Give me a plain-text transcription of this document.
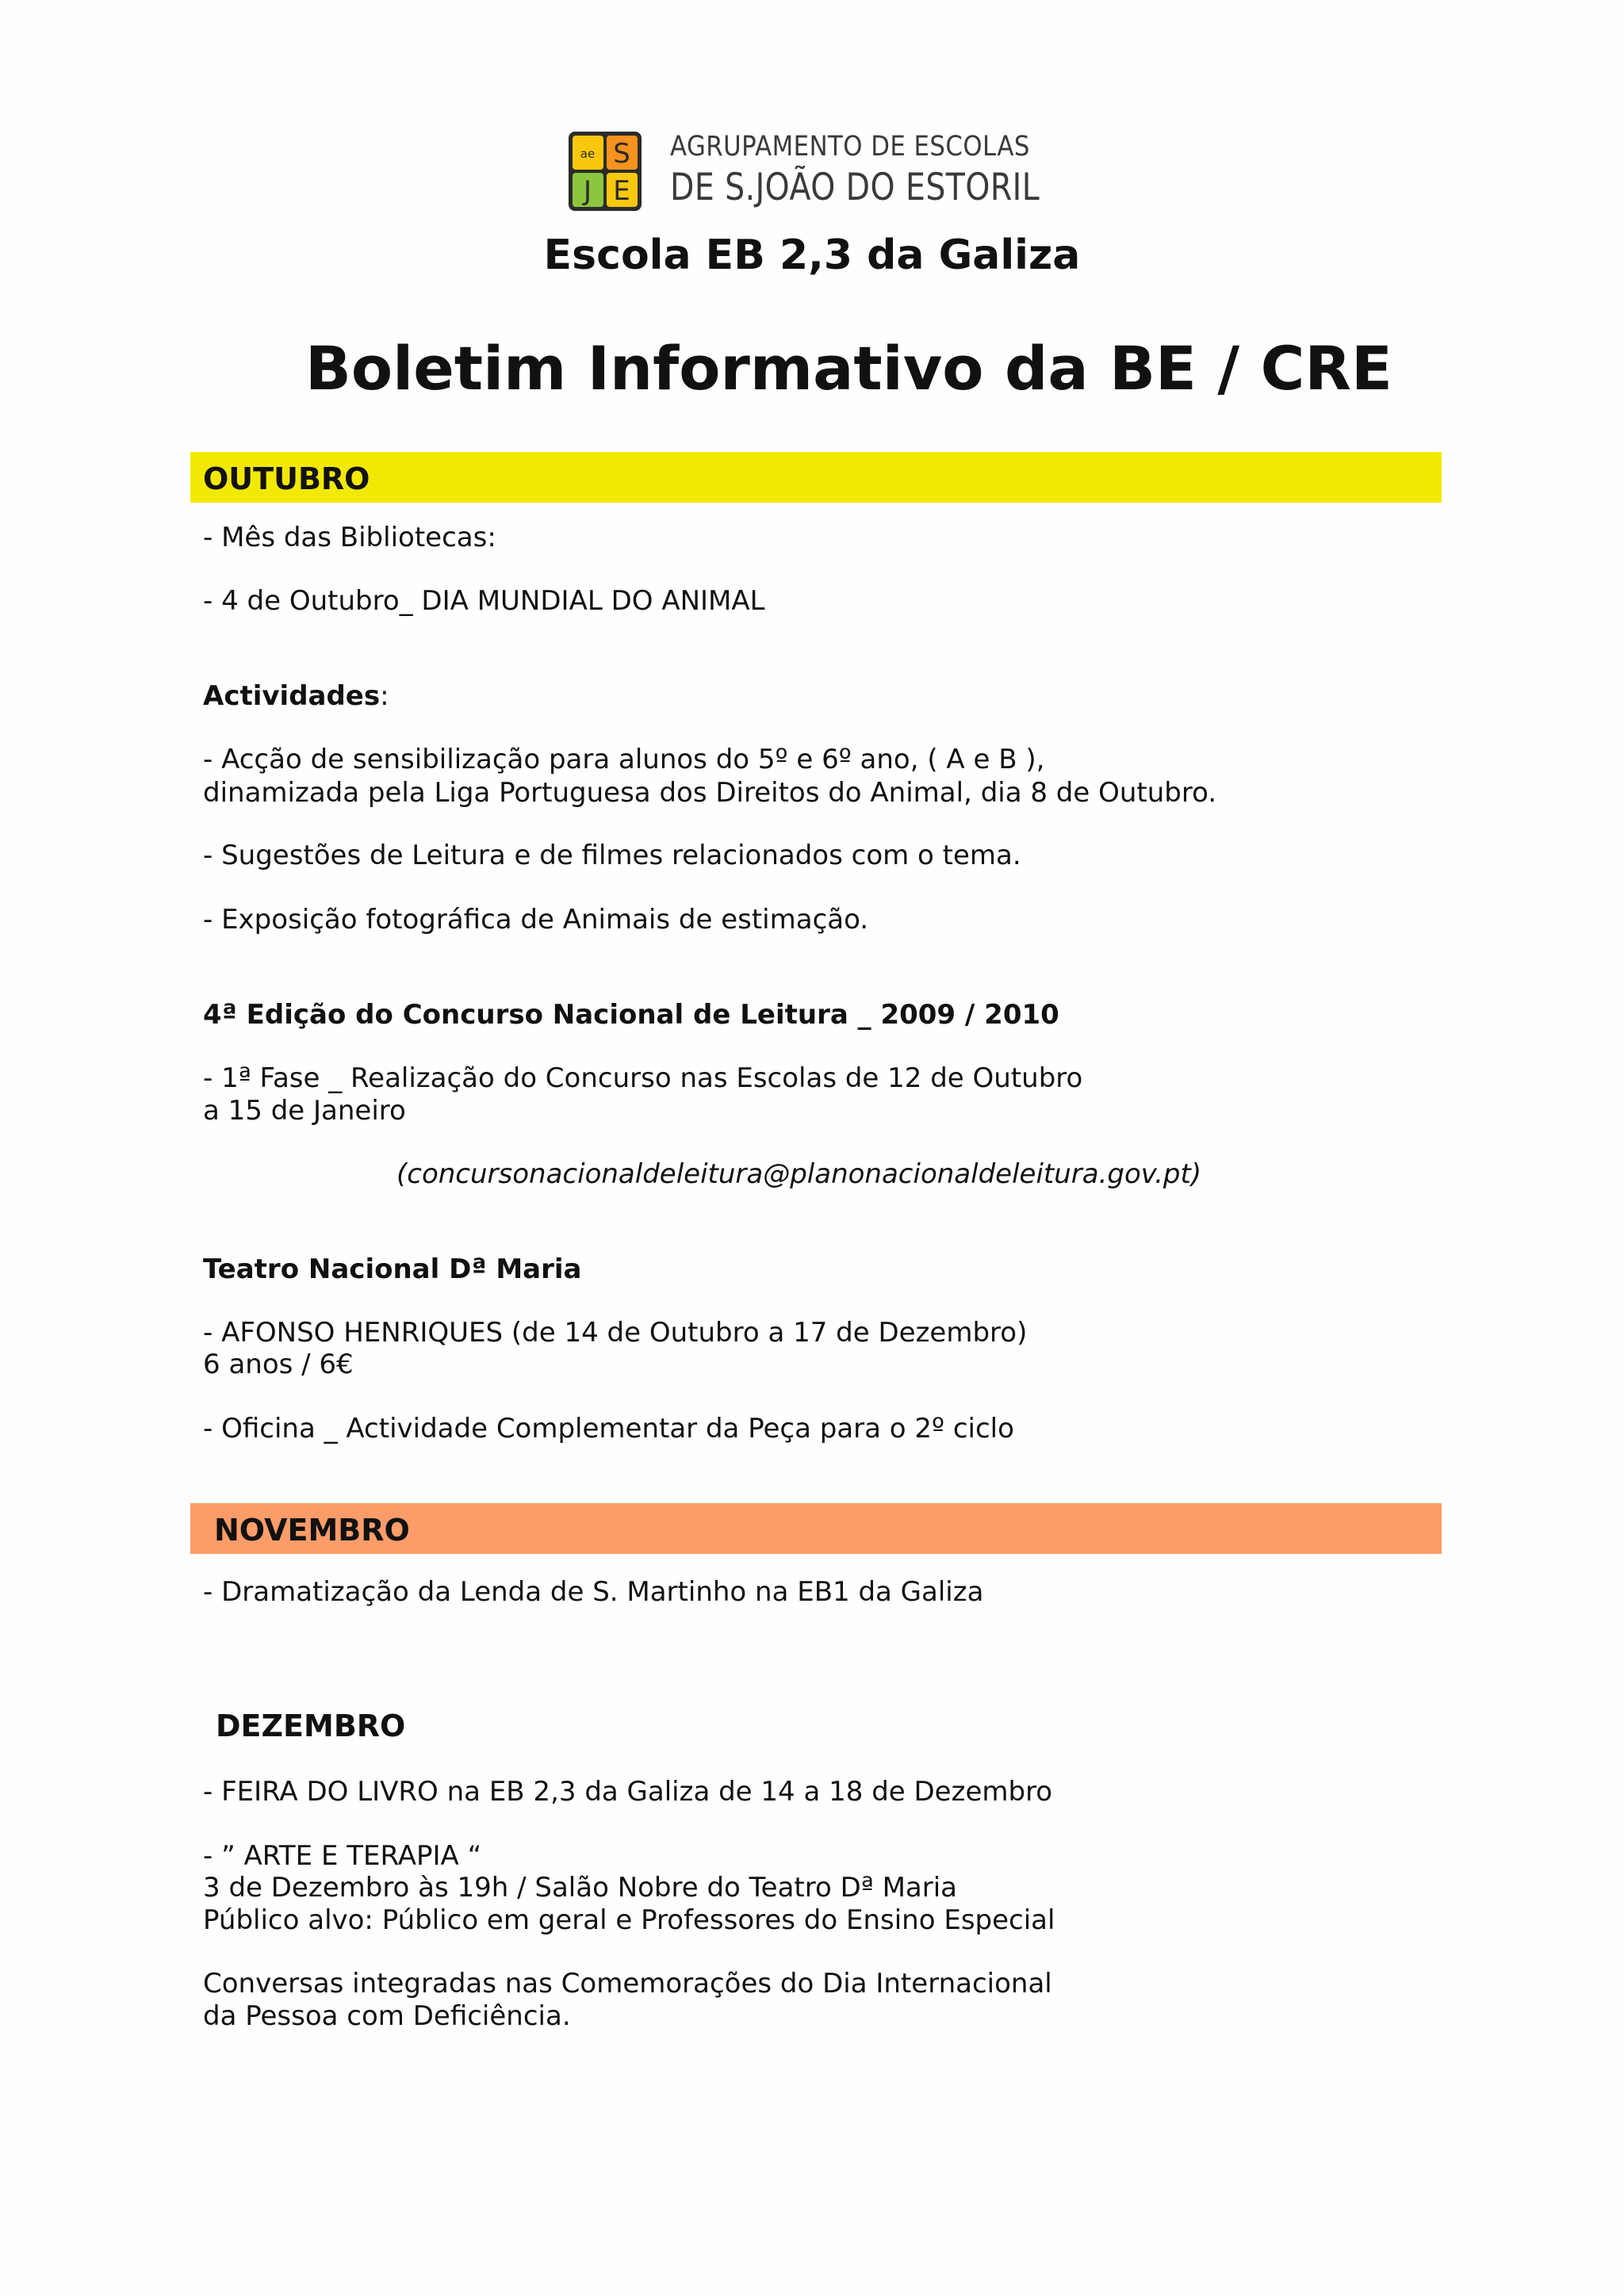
ae S
J E
AGRUPAMENTO DE ESCOLAS
DE S.JOÃO DO ESTORIL
Escola EB 2,3 da Galiza
Boletim Informativo da BE / CRE
OUTUBRO
- Mês das Bibliotecas:
- 4 de Outubro_ DIA MUNDIAL DO ANIMAL
Actividades:
- Acção de sensibilização para alunos do 5º e 6º ano, ( A e B ),
dinamizada pela Liga Portuguesa dos Direitos do Animal, dia 8 de Outubro.
- Sugestões de Leitura e de filmes relacionados com o tema.
- Exposição fotográfica de Animais de estimação.
4ª Edição do Concurso Nacional de Leitura _ 2009 / 2010
- 1ª Fase _ Realização do Concurso nas Escolas de 12 de Outubro
a 15 de Janeiro
(concursonacionaldeleitura@planonacionaldeleitura.gov.pt)
Teatro Nacional Dª Maria
- AFONSO HENRIQUES (de 14 de Outubro a 17 de Dezembro)
6 anos / 6€
- Oficina _ Actividade Complementar da Peça para o 2º ciclo
NOVEMBRO
- Dramatização da Lenda de S. Martinho na EB1 da Galiza
DEZEMBRO
- FEIRA DO LIVRO na EB 2,3 da Galiza de 14 a 18 de Dezembro
- ” ARTE E TERAPIA “
3 de Dezembro às 19h / Salão Nobre do Teatro Dª Maria
Público alvo: Público em geral e Professores do Ensino Especial
Conversas integradas nas Comemorações do Dia Internacional
da Pessoa com Deficiência.
